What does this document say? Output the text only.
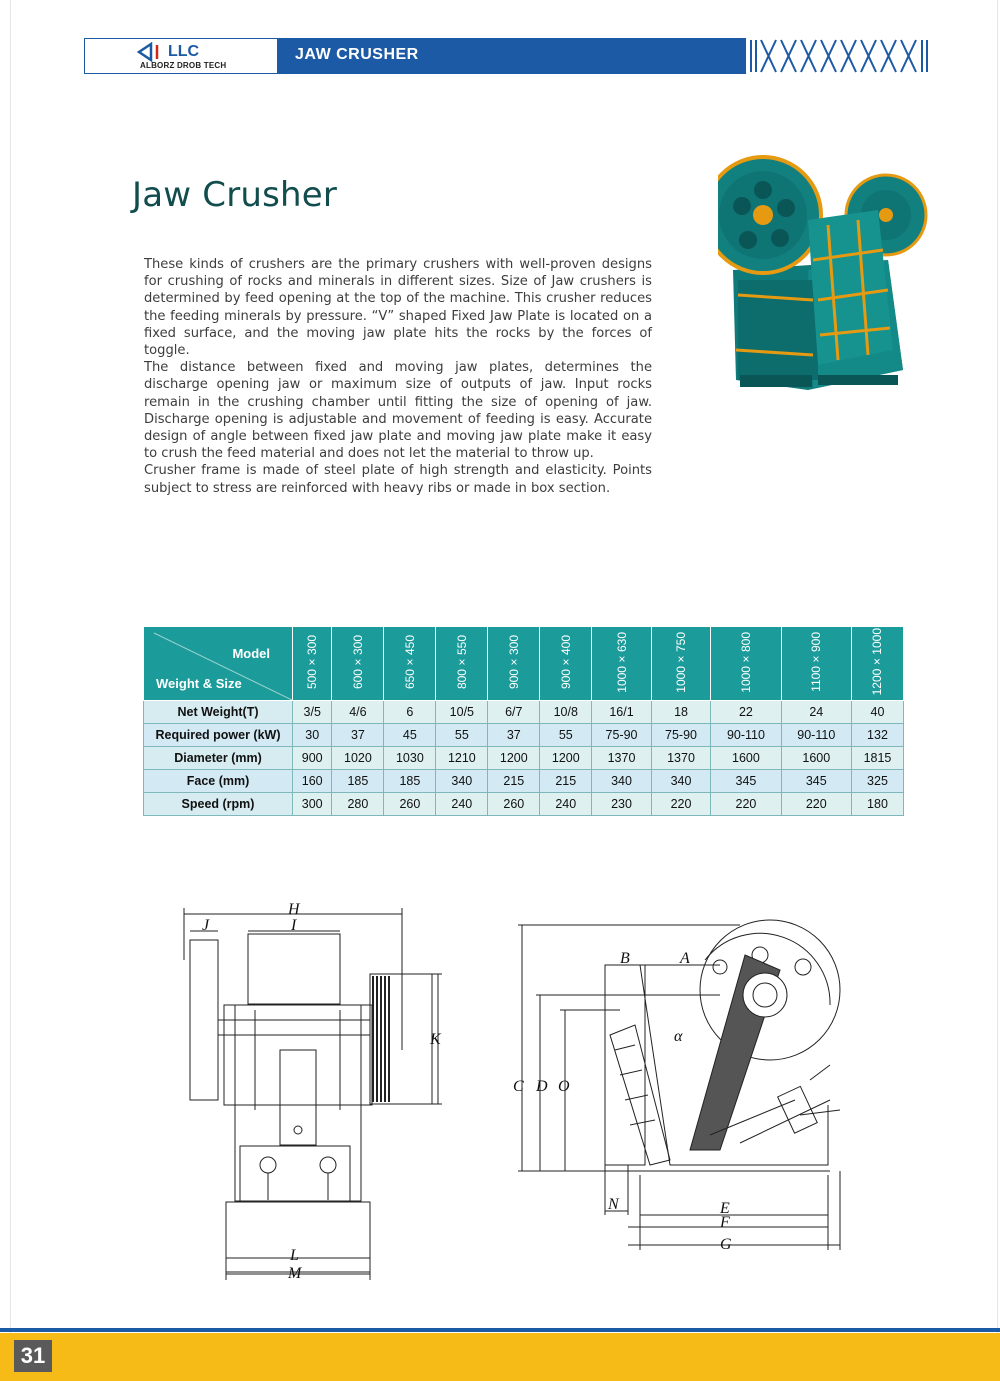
LLC
ALBORZ DROB TECH
JAW CRUSHER
Jaw Crusher

These kinds of crushers are the primary crushers with well-proven designs for crushing of rocks and minerals in different sizes. Size of Jaw crushers is determined by feed opening at the top of the machine. This crusher reduces the feeding minerals by pressure. “V” shaped Fixed Jaw Plate is located on a fixed surface, and the moving jaw plate hits the rocks by the forces of toggle.

The distance between fixed and moving jaw plates, determines the discharge opening jaw or maximum size of outputs of jaw. Input rocks remain in the crushing chamber until fitting the size of opening of jaw. Discharge opening is adjustable and movement of feeding is easy. Accurate design of angle between fixed jaw plate and moving jaw plate make it easy to crush the feed material and does not let the material to throw up.

Crusher frame is made of steel plate of high strength and elasticity. Points subject to stress are reinforced with heavy ribs or made in box section.

Model
Weight & Size	500×300	600×300	650×450	800×550	900×300	900×400	1000×630	1000×750	1000×800	1100×900	1200×1000
Net Weight(T)	3/5	4/6	6	10/5	6/7	10/8	16/1	18	22	24	40
Required power (kW)	30	37	45	55	37	55	75-90	75-90	90-110	90-110	132
Diameter (mm)	900	1020	1030	1210	1200	1200	1370	1370	1600	1600	1815
Face (mm)	160	185	185	340	215	215	340	340	345	345	325
Speed (rpm)	300	280	260	240	260	240	230	220	220	220	180
H
I
J
K
L
M
B	A
C D O
α
N	E
F
G
31
